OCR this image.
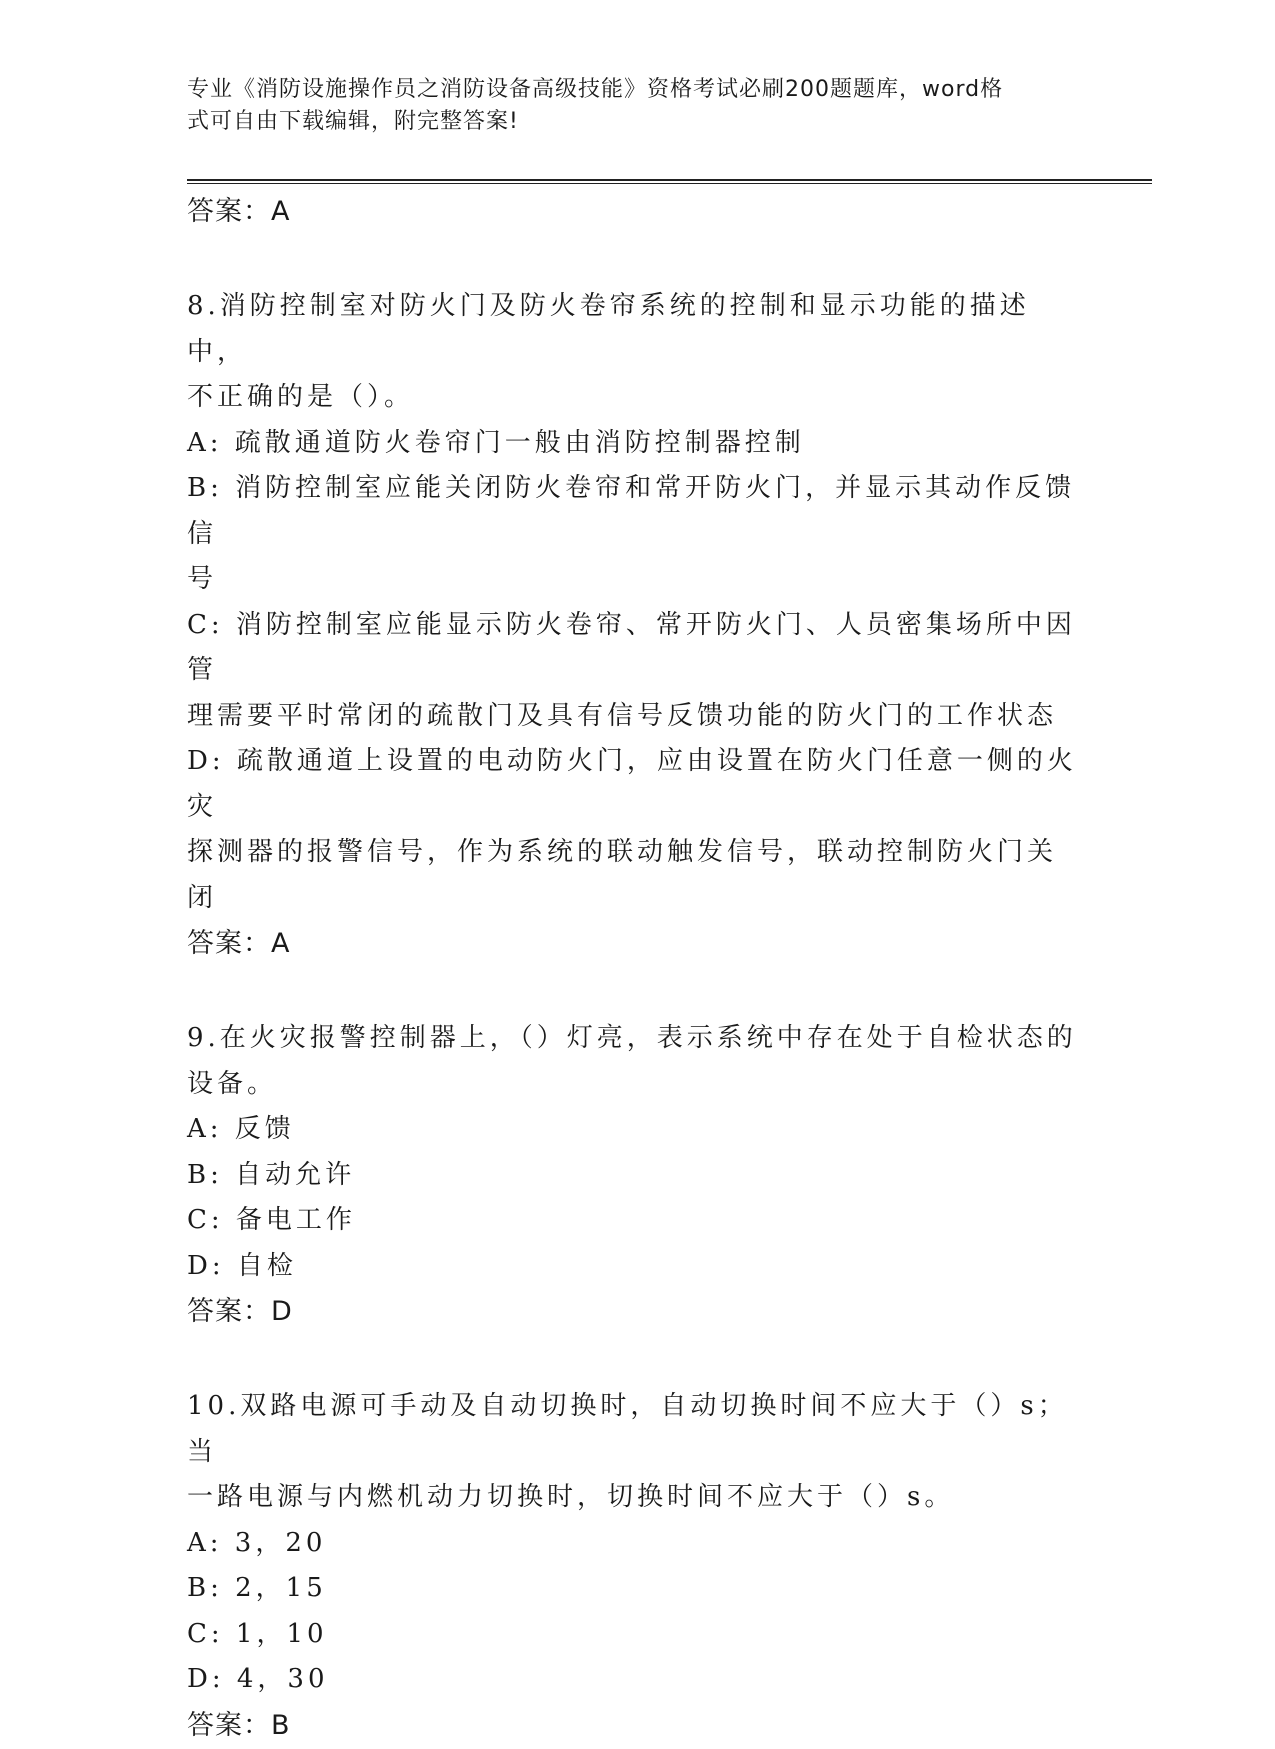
专业《消防设施操作员之消防设备高级技能》资格考试必刷200题题库，word格
式可自由下载编辑，附完整答案!
答案：A
8.消防控制室对防火门及防火卷帘系统的控制和显示功能的描述中，
不正确的是（）。
A: 疏散通道防火卷帘门一般由消防控制器控制
B: 消防控制室应能关闭防火卷帘和常开防火门，并显示其动作反馈信
号
C: 消防控制室应能显示防火卷帘、常开防火门、人员密集场所中因管
理需要平时常闭的疏散门及具有信号反馈功能的防火门的工作状态
D: 疏散通道上设置的电动防火门，应由设置在防火门任意一侧的火灾
探测器的报警信号，作为系统的联动触发信号，联动控制防火门关闭
答案：A
9.在火灾报警控制器上，（）灯亮，表示系统中存在处于自检状态的
设备。
A: 反馈
B: 自动允许
C: 备电工作
D: 自检
答案：D
10.双路电源可手动及自动切换时，自动切换时间不应大于（）s；当
一路电源与内燃机动力切换时，切换时间不应大于（）s。
A: 3，20
B: 2，15
C: 1，10
D: 4，30
答案：B
